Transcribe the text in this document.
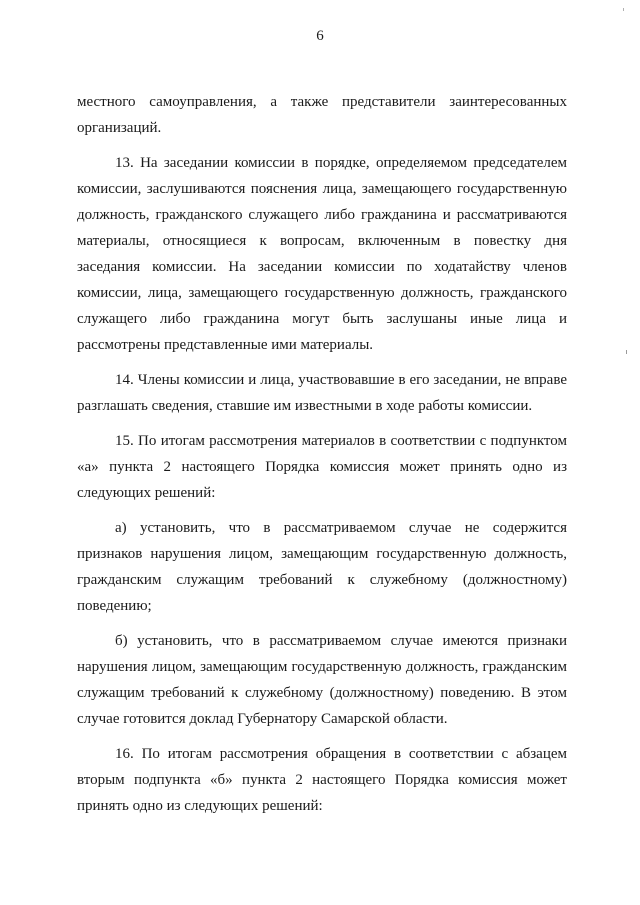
6

местного самоуправления, а также представители заинтересованных организаций.

13. На заседании комиссии в порядке, определяемом председателем комиссии, заслушиваются пояснения лица, замещающего государственную должность, гражданского служащего либо гражданина и рассматриваются материалы, относящиеся к вопросам, включенным в повестку дня заседания комиссии. На заседании комиссии по ходатайству членов комиссии, лица, замещающего государственную должность, гражданского служащего либо гражданина могут быть заслушаны иные лица и рассмотрены представленные ими материалы.

14. Члены комиссии и лица, участвовавшие в его заседании, не вправе разглашать сведения, ставшие им известными в ходе работы комиссии.

15. По итогам рассмотрения материалов в соответствии с подпунктом «а» пункта 2 настоящего Порядка комиссия может принять одно из следующих решений:

а) установить, что в рассматриваемом случае не содержится признаков нарушения лицом, замещающим государственную должность, гражданским служащим требований к служебному (должностному) поведению;

б) установить, что в рассматриваемом случае имеются признаки нарушения лицом, замещающим государственную должность, гражданским служащим требований к служебному (должностному) поведению. В этом случае готовится доклад Губернатору Самарской области.

16. По итогам рассмотрения обращения в соответствии с абзацем вторым подпункта «б» пункта 2 настоящего Порядка комиссия может принять одно из следующих решений:
